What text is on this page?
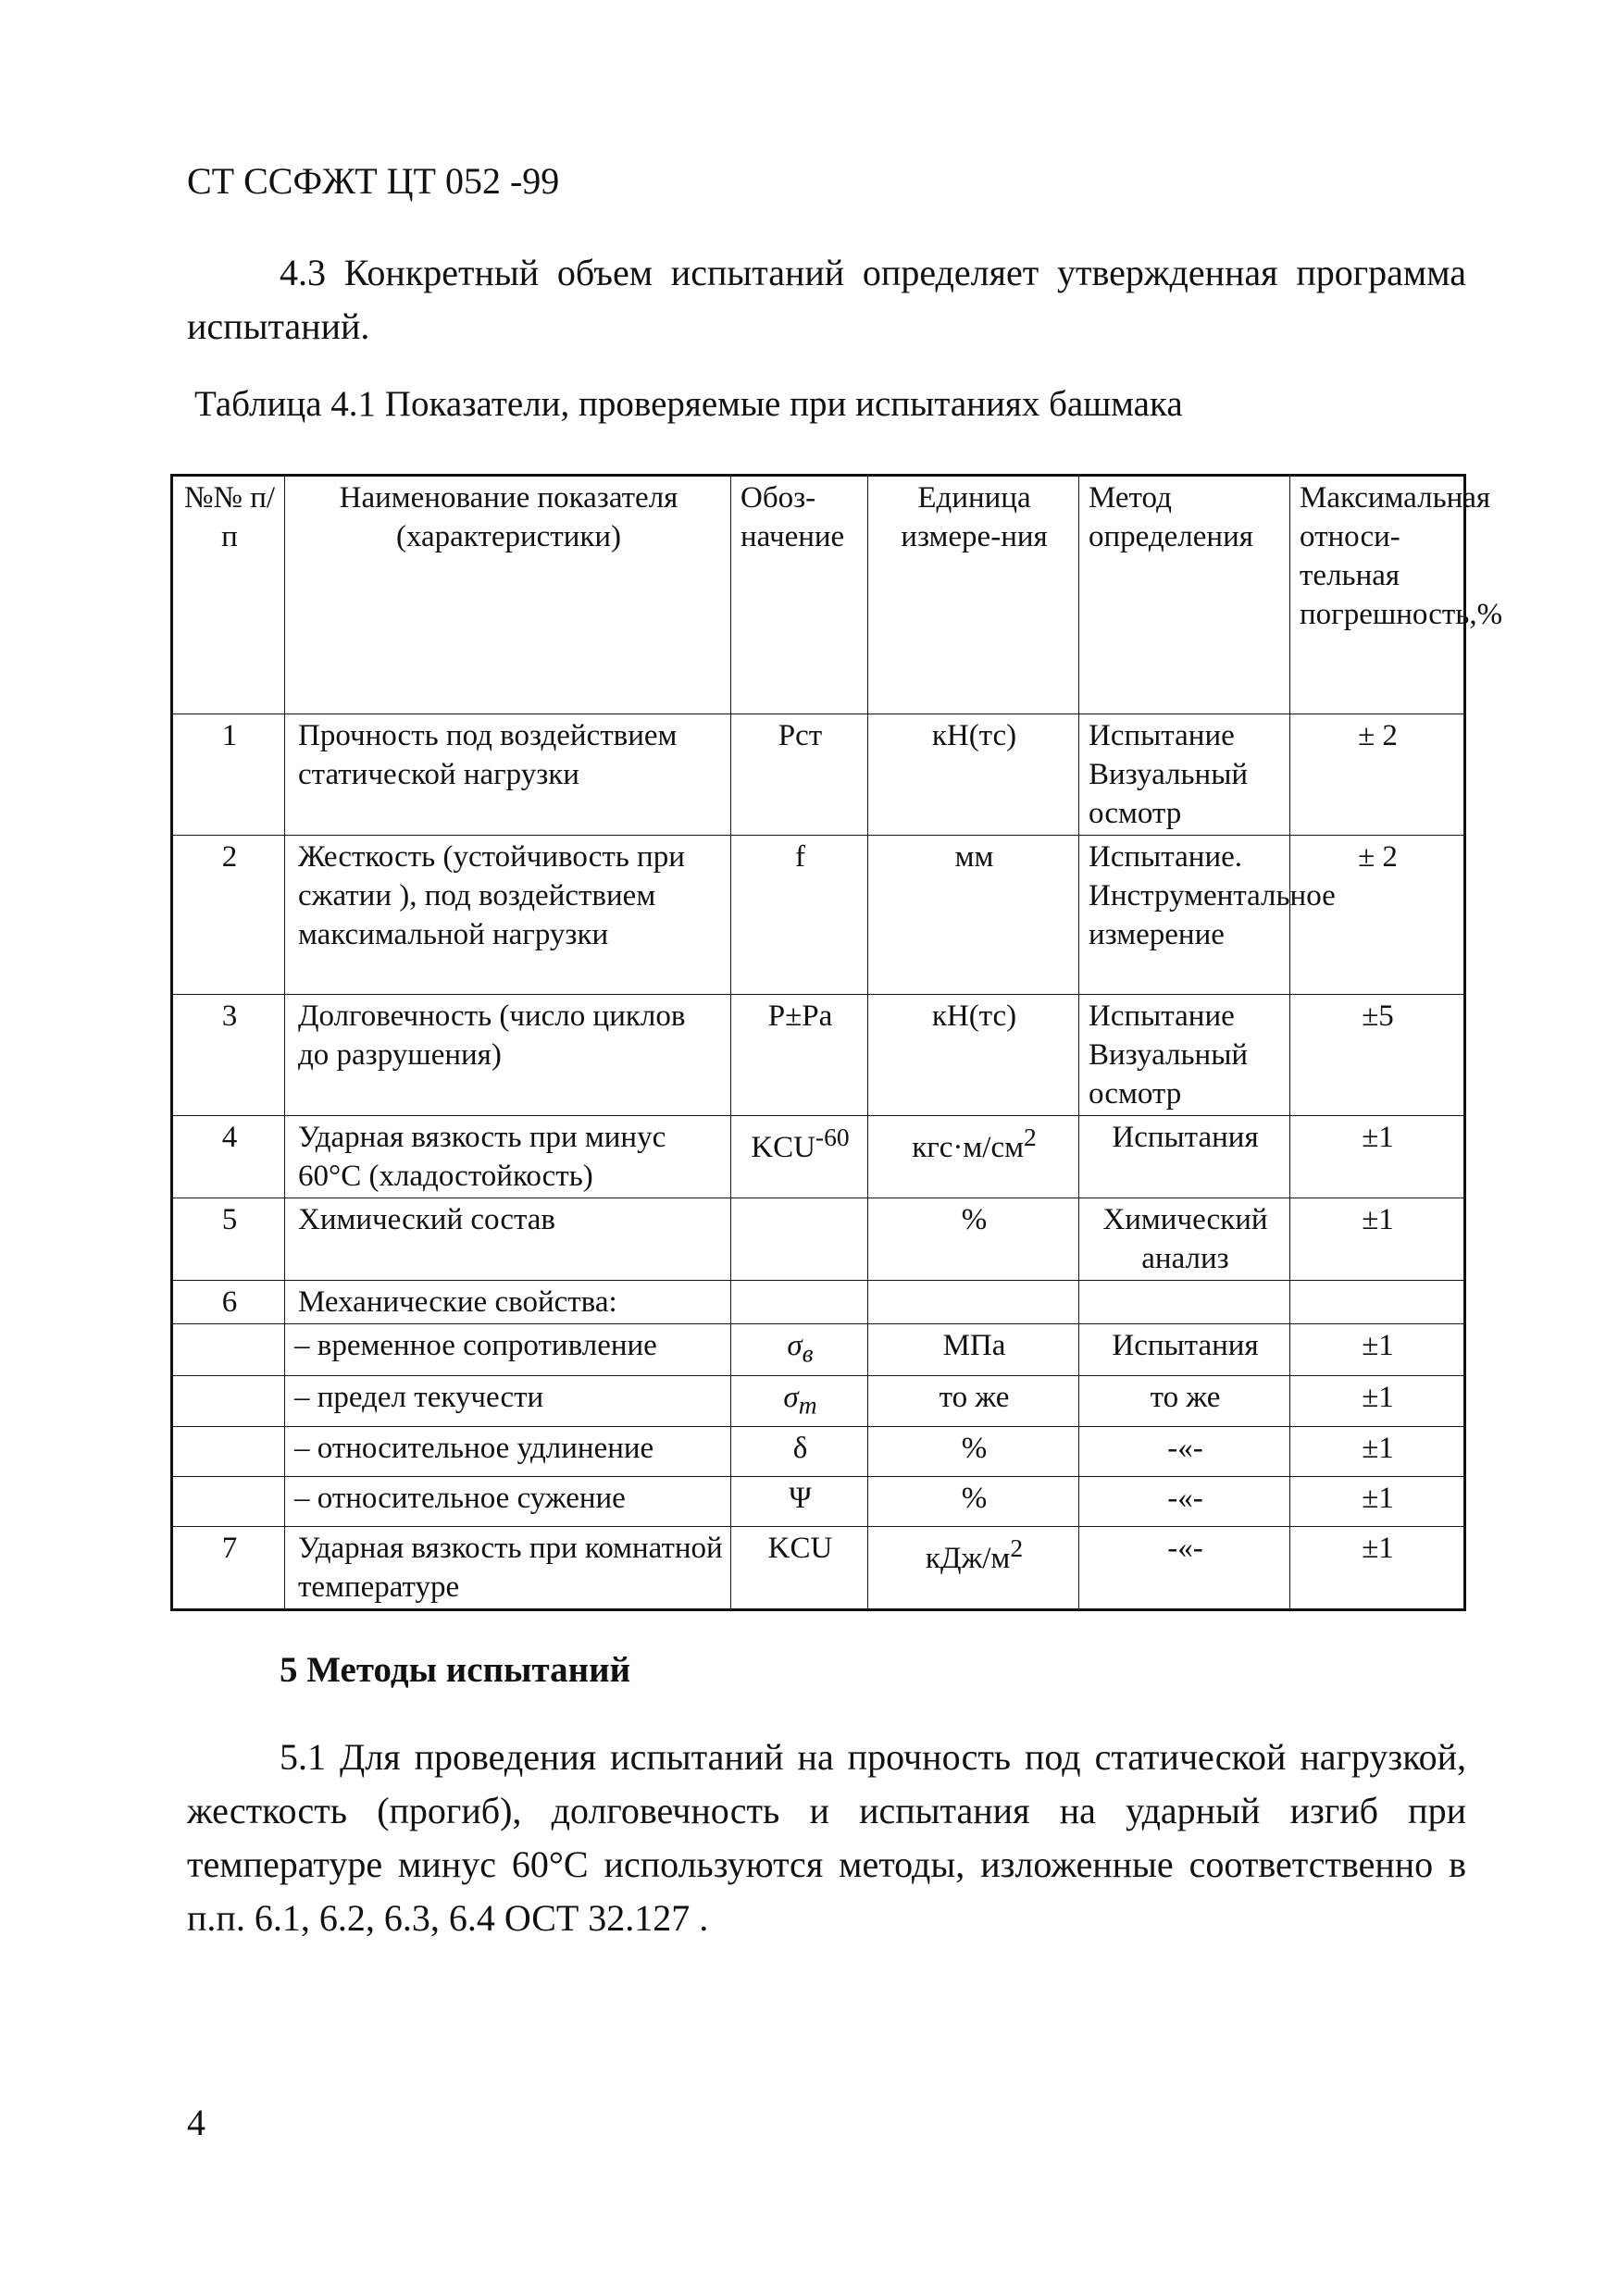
СТ ССФЖТ ЦТ 052 -99
4.3 Конкретный объем испытаний определяет утвержденная программа испытаний.
Таблица 4.1 Показатели, проверяемые при испытаниях башмака
№№ п/п	Наименование показателя (характеристики)	Обоз-начение	Единица измере-ния	Метод определения	Максимальная относи-тельная погрешность,%
1	Прочность под воздействием статической нагрузки	Рст	кН(тс)	Испытание Визуальный осмотр	± 2
2	Жесткость (устойчивость при сжатии ), под воздействием максимальной нагрузки	f	мм	Испытание. Инструментальное измерение	± 2
3	Долговечность (число циклов до разрушения)	Р±Ра	кН(тс)	Испытание Визуальный осмотр	±5
4	Ударная вязкость при минус 60°С (хладостойкость)	$KCU^{-60}$	$кгс\cdot м/см^2$	Испытания	±1
5	Химический состав		%	Химический анализ	±1
6	Механические свойства:				
	– временное сопротивление	$\sigma_в$	МПа	Испытания	±1
	– предел текучести	$\sigma_т$	то же	то же	±1
	– относительное удлинение	δ	%	-«-	±1
	– относительное сужение	Ψ	%	-«-	±1
7	Ударная вязкость при комнатной температуре	KCU	кДж/$м^2$	-«-	±1
5 Методы испытаний
5.1 Для проведения испытаний на прочность под статической нагрузкой, жесткость (прогиб), долговечность и испытания на ударный изгиб при температуре минус 60°С используются методы, изложенные соответственно в п.п. 6.1, 6.2, 6.3, 6.4 ОСТ 32.127 .
4
